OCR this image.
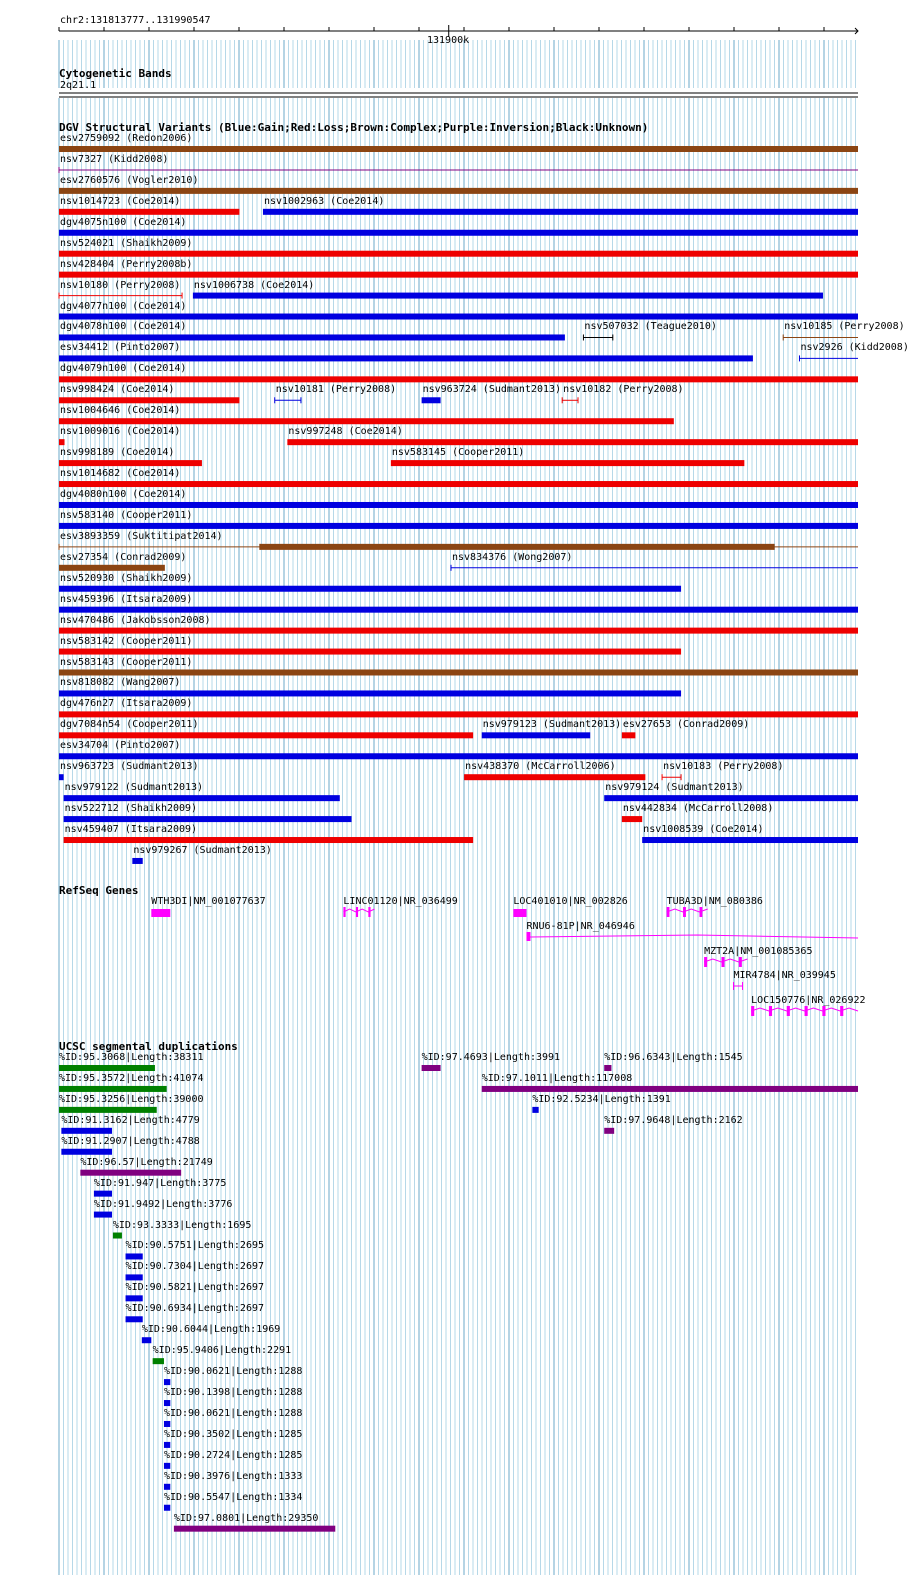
chr2:131813777..131990547
131900k
Cytogenetic Bands
2q21.1
DGV Structural Variants (Blue:Gain;Red:Loss;Brown:Complex;Purple:Inversion;Black:Unknown)
RefSeq Genes
UCSC segmental duplications
esv2759092 (Redon2006)
nsv7327 (Kidd2008)
esv2760576 (Vogler2010)
nsv1014723 (Coe2014)	nsv1002963 (Coe2014)
dgv4075n100 (Coe2014)
nsv524021 (Shaikh2009)
nsv428404 (Perry2008b)
nsv10180 (Perry2008) nsv1006738 (Coe2014)
dgv4077n100 (Coe2014)
dgv4078n100 (Coe2014)	nsv507032 (Teague2010)	nsv10185 (Perry2008)
esv34412 (Pinto2007)	nsv2926 (Kidd2008)
dgv4079n100 (Coe2014)
nsv998424 (Coe2014)	nsv10181 (Perry2008)	nsv963724 (Sudmant2013) nsv10182 (Perry2008)
nsv1004646 (Coe2014)
nsv1009016 (Coe2014)	nsv997248 (Coe2014)
nsv998189 (Coe2014)	nsv583145 (Cooper2011)
nsv1014682 (Coe2014)
dgv4080n100 (Coe2014)
nsv583140 (Cooper2011)
esv3893359 (Suktitipat2014)
esv27354 (Conrad2009)	nsv834376 (Wong2007)
nsv520930 (Shaikh2009)
nsv459396 (Itsara2009)
nsv470486 (Jakobsson2008)
nsv583142 (Cooper2011)
nsv583143 (Cooper2011)
nsv818082 (Wang2007)
dgv476n27 (Itsara2009)
dgv7084n54 (Cooper2011)	nsv979123 (Sudmant2013) esv27653 (Conrad2009)
esv34704 (Pinto2007)
nsv963723 (Sudmant2013)	nsv438370 (McCarroll2006)	nsv10183 (Perry2008)
nsv979122 (Sudmant2013)	nsv979124 (Sudmant2013)
nsv522712 (Shaikh2009)	nsv442834 (McCarroll2008)
nsv459407 (Itsara2009)	nsv1008539 (Coe2014)
nsv979267 (Sudmant2013)
WTH3DI|NM_001077637	LINC01120|NR_036499	LOC401010|NR_002826	TUBA3D|NM_080386
RNU6-81P|NR_046946
MZT2A|NM_001085365
MIR4784|NR_039945
LOC150776|NR_026922
%ID:95.3068|Length:38311	%ID:97.4693|Length:3991	%ID:96.6343|Length:1545
%ID:95.3572|Length:41074	%ID:97.1011|Length:117008
%ID:95.3256|Length:39000	%ID:92.5234|Length:1391
%ID:91.3162|Length:4779	%ID:97.9648|Length:2162
%ID:91.2907|Length:4788
%ID:96.57|Length:21749
%ID:91.947|Length:3775
%ID:91.9492|Length:3776
%ID:93.3333|Length:1695
%ID:90.5751|Length:2695
%ID:90.7304|Length:2697
%ID:90.5821|Length:2697
%ID:90.6934|Length:2697
%ID:90.6044|Length:1969
%ID:95.9406|Length:2291
%ID:90.0621|Length:1288
%ID:90.1398|Length:1288
%ID:90.0621|Length:1288
%ID:90.3502|Length:1285
%ID:90.2724|Length:1285
%ID:90.3976|Length:1333
%ID:90.5547|Length:1334
%ID:97.0801|Length:29350
